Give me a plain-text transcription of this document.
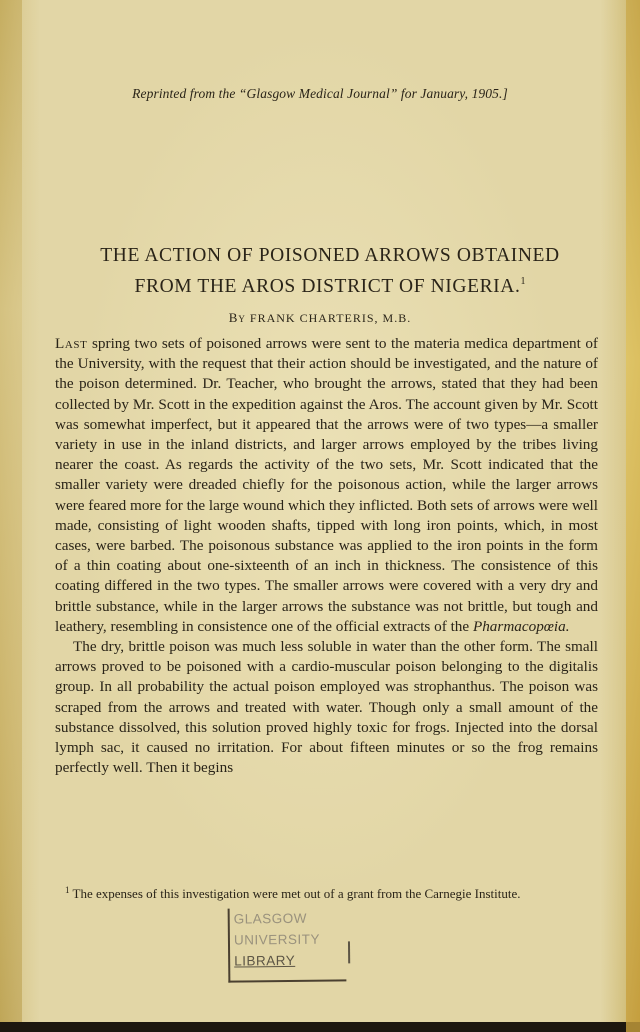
Reprinted from the “Glasgow Medical Journal” for January, 1905.]
THE ACTION OF POISONED ARROWS OBTAINED
FROM THE AROS DISTRICT OF NIGERIA.$^1$
By FRANK CHARTERIS, M.B.

Last spring two sets of poisoned arrows were sent to the materia medica department of the University, with the request that their action should be investigated, and the nature of the poison determined. Dr. Teacher, who brought the arrows, stated that they had been collected by Mr. Scott in the expedition against the Aros. The account given by Mr. Scott was somewhat imperfect, but it appeared that the arrows were of two types—a smaller variety in use in the inland districts, and larger arrows employed by the tribes living nearer the coast. As regards the activity of the two sets, Mr. Scott indicated that the smaller variety were dreaded chiefly for the poisonous action, while the larger arrows were feared more for the large wound which they inflicted. Both sets of arrows were well made, consisting of light wooden shafts, tipped with long iron points, which, in most cases, were barbed. The poisonous substance was applied to the iron points in the form of a thin coating about one-sixteenth of an inch in thickness. The consistence of this coating differed in the two types. The smaller arrows were covered with a very dry and brittle substance, while in the larger arrows the substance was not brittle, but tough and leathery, resembling in consistence one of the official extracts of the Pharmacopœia.

The dry, brittle poison was much less soluble in water than the other form. The small arrows proved to be poisoned with a cardio-muscular poison belonging to the digitalis group. In all probability the actual poison employed was strophanthus. The poison was scraped from the arrows and treated with water. Though only a small amount of the substance dissolved, this solution proved highly toxic for frogs. Injected into the dorsal lymph sac, it caused no irritation. For about fifteen minutes or so the frog remains perfectly well. Then it begins

$^1$ The expenses of this investigation were met out of a grant from the Carnegie Institute.
GLASGOW
UNIVERSITY
LIBRARY
